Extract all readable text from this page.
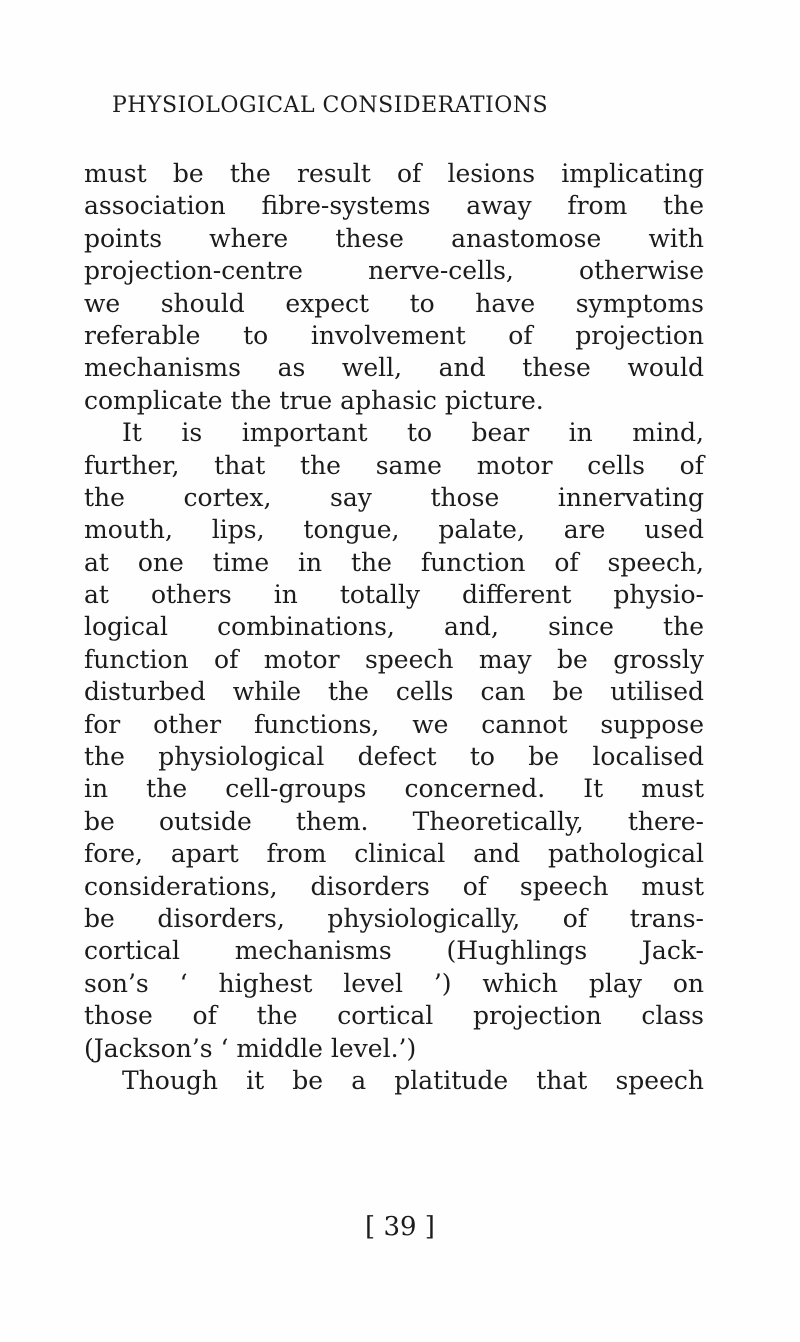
PHYSIOLOGICAL CONSIDERATIONS
must be the result of lesions implicating
association fibre-systems away from the
points where these anastomose with
projection-centre nerve-cells, otherwise
we should expect to have symptoms
referable to involvement of projection
mechanisms as well, and these would
complicate the true aphasic picture.
It is important to bear in mind,
further, that the same motor cells of
the cortex, say those innervating
mouth, lips, tongue, palate, are used
at one time in the function of speech,
at others in totally different physio-
logical combinations, and, since the
function of motor speech may be grossly
disturbed while the cells can be utilised
for other functions, we cannot suppose
the physiological defect to be localised
in the cell-groups concerned. It must
be outside them. Theoretically, there-
fore, apart from clinical and pathological
considerations, disorders of speech must
be disorders, physiologically, of trans-
cortical mechanisms (Hughlings Jack-
son’s ‘ highest level ’) which play on
those of the cortical projection class
(Jackson’s ‘ middle level.’)
Though it be a platitude that speech
[ 39 ]
